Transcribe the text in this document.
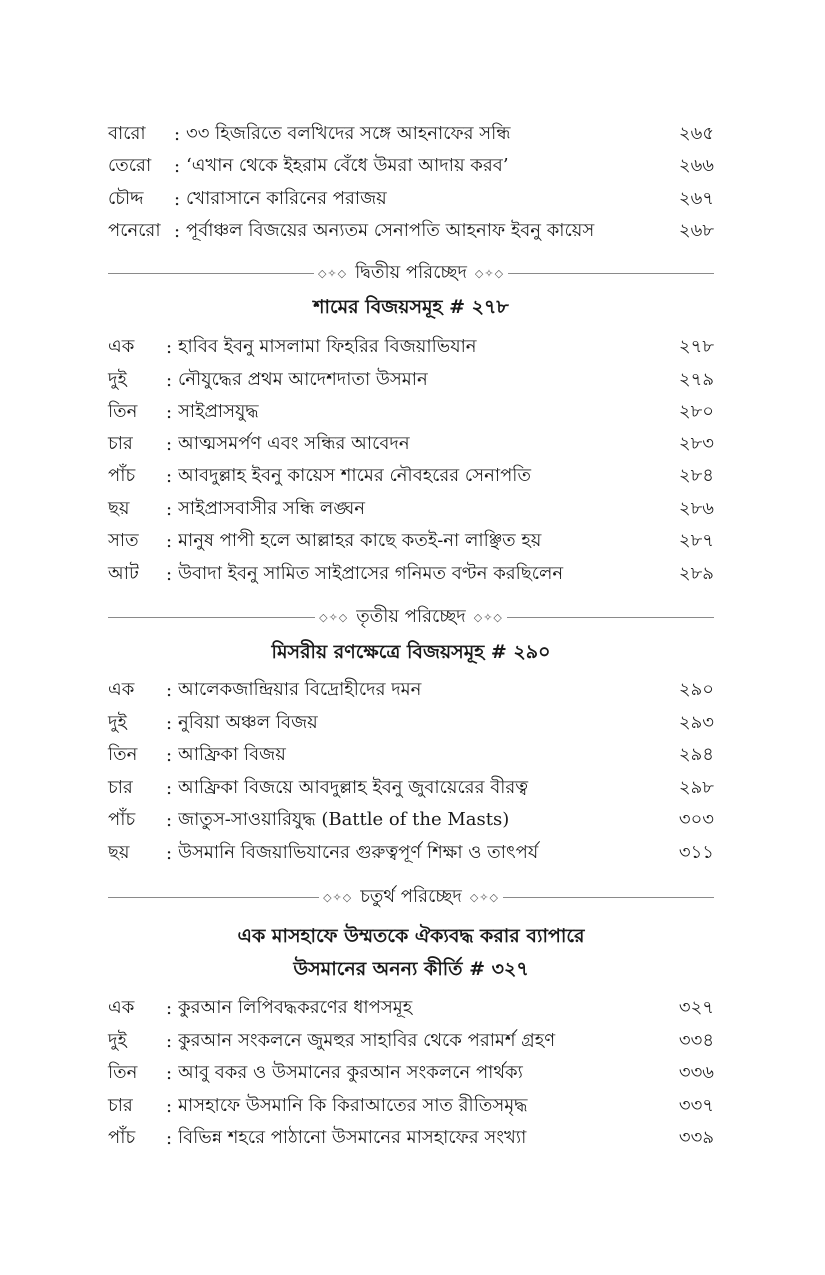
বারো	: ৩৩ হিজরিতে বলখিদের সঙ্গে আহনাফের সন্ধি	২৬৫
তেরো	: ‘এখান থেকে ইহরাম বেঁধে উমরা আদায় করব’	২৬৬
চৌদ্দ	: খোরাসানে কারিনের পরাজয়	২৬৭
পনেরো : পূর্বাঞ্চল বিজয়ের অন্যতম সেনাপতি আহনাফ ইবনু কায়েস	২৬৮
◇✧◇ দ্বিতীয় পরিচ্ছেদ ◇✧◇
শামের বিজয়সমূহ # ২৭৮
এক	: হাবিব ইবনু মাসলামা ফিহরির বিজয়াভিযান	২৭৮
দুই	: নৌযুদ্ধের প্রথম আদেশদাতা উসমান	২৭৯
তিন	: সাইপ্রাসযুদ্ধ	২৮০
চার	: আত্মসমর্পণ এবং সন্ধির আবেদন	২৮৩
পাঁচ	: আবদুল্লাহ ইবনু কায়েস শামের নৌবহরের সেনাপতি	২৮৪
ছয়	: সাইপ্রাসবাসীর সন্ধি লঙ্ঘন	২৮৬
সাত	: মানুষ পাপী হলে আল্লাহর কাছে কতই-না লাঞ্ছিত হয়	২৮৭
আট	: উবাদা ইবনু সামিত সাইপ্রাসের গনিমত বণ্টন করছিলেন	২৮৯
◇✧◇ তৃতীয় পরিচ্ছেদ ◇✧◇
মিসরীয় রণক্ষেত্রে বিজয়সমূহ # ২৯০
এক	: আলেকজান্দ্রিয়ার বিদ্রোহীদের দমন	২৯০
দুই	: নুবিয়া অঞ্চল বিজয়	২৯৩
তিন	: আফ্রিকা বিজয়	২৯৪
চার	: আফ্রিকা বিজয়ে আবদুল্লাহ ইবনু জুবায়েরের বীরত্ব	২৯৮
পাঁচ	: জাতুস-সাওয়ারিযুদ্ধ (Battle of the Masts)	৩০৩
ছয়	: উসমানি বিজয়াভিযানের গুরুত্বপূর্ণ শিক্ষা ও তাৎপর্য	৩১১
◇✧◇ চতুর্থ পরিচ্ছেদ ◇✧◇
এক মাসহাফে উম্মতকে ঐক্যবদ্ধ করার ব্যাপারে
উসমানের অনন্য কীর্তি # ৩২৭
এক	: কুরআন লিপিবদ্ধকরণের ধাপসমূহ	৩২৭
দুই	: কুরআন সংকলনে জুমহুর সাহাবির থেকে পরামর্শ গ্রহণ	৩৩৪
তিন	: আবু বকর ও উসমানের কুরআন সংকলনে পার্থক্য	৩৩৬
চার	: মাসহাফে উসমানি কি কিরাআতের সাত রীতিসমৃদ্ধ	৩৩৭
পাঁচ	: বিভিন্ন শহরে পাঠানো উসমানের মাসহাফের সংখ্যা	৩৩৯
